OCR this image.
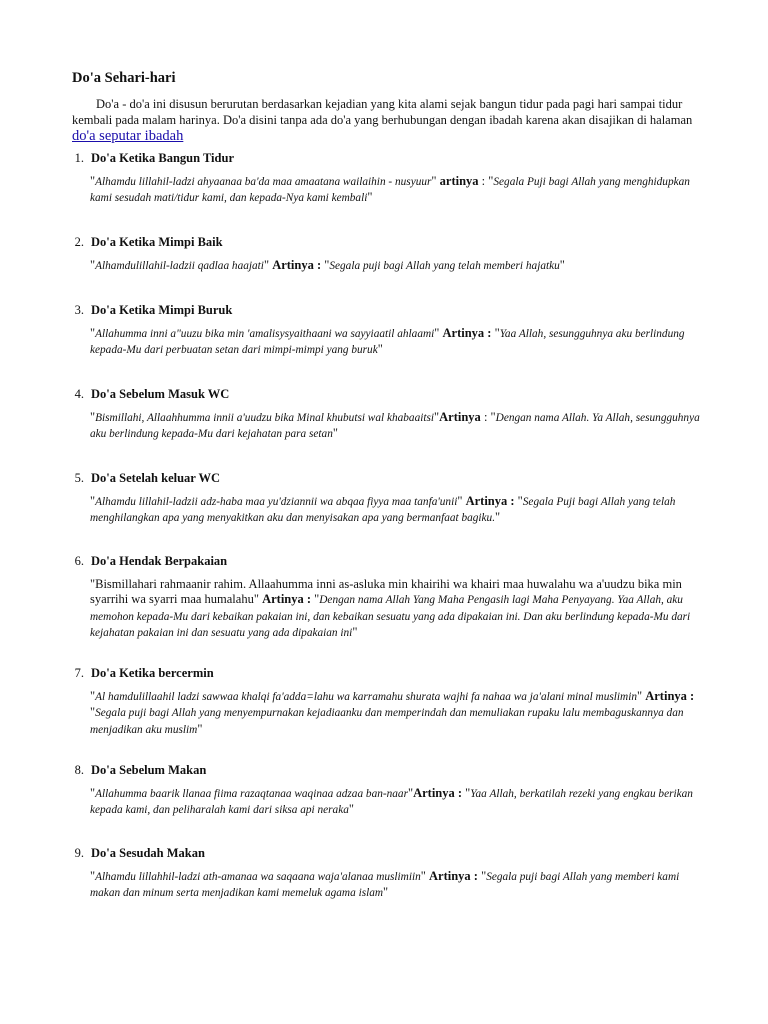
Do'a Sehari-hari
Do'a - do'a ini disusun berurutan berdasarkan kejadian yang kita alami sejak bangun tidur pada pagi hari sampai tidur kembali pada malam harinya. Do'a disini tanpa ada do'a yang berhubungan dengan ibadah karena akan disajikan di halaman
do'a seputar ibadah
1. Do'a Ketika Bangun Tidur
"Alhamdu lillahil-ladzi ahyaanaa ba'da maa amaatana wailaihin - nusyuur" artinya : "Segala Puji bagi Allah yang menghidupkan kami sesudah mati/tidur kami, dan kepada-Nya kami kembali"
2. Do'a Ketika Mimpi Baik
"Alhamdulillahil-ladzii qadlaa haajati" Artinya : "Segala puji bagi Allah yang telah memberi hajatku"
3. Do'a Ketika Mimpi Buruk
"Allahumma inni a"uuzu bika min 'amalisysyaithaani wa sayyiaatil ahlaami" Artinya : "Yaa Allah, sesungguhnya aku berlindung kepada-Mu dari perbuatan setan dari mimpi-mimpi yang buruk"
4. Do'a Sebelum Masuk WC
"Bismillahi, Allaahhumma innii a'uudzu bika Minal khubutsi wal khabaaitsi"Artinya : "Dengan nama Allah. Ya Allah, sesungguhnya aku berlindung kepada-Mu dari kejahatan para setan"
5. Do'a Setelah keluar WC
"Alhamdu lillahil-ladzii adz-haba maa yu'dziannii wa abqaa fiyya maa tanfa'unii" Artinya : "Segala Puji bagi Allah yang telah menghilangkan apa yang menyakitkan aku dan menyisakan apa yang bermanfaat bagiku."
6. Do'a Hendak Berpakaian
"Bismillahari rahmaanir rahim. Allaahumma inni as-asluka min khairihi wa khairi maa huwalahu wa a'uudzu bika min syarrihi wa syarri maa humalahu" Artinya : "Dengan nama Allah Yang Maha Pengasih lagi Maha Penyayang. Yaa Allah, aku memohon kepada-Mu dari kebaikan pakaian ini, dan kebaikan sesuatu yang ada dipakaian ini. Dan aku berlindung kepada-Mu dari kejahatan pakaian ini dan sesuatu yang ada dipakaian ini"
7. Do'a Ketika bercermin
"Al hamdulillaahil ladzi sawwaa khalqi fa'adda=lahu wa karramahu shurata wajhi fa nahaa wa ja'alani minal muslimin" Artinya : "Segala puji bagi Allah yang menyempurnakan kejadiaanku dan memperindah dan memuliakan rupaku lalu membaguskannya dan menjadikan aku muslim"
8. Do'a Sebelum Makan
"Allahumma baarik llanaa fiima razaqtanaa waqinaa adzaa ban-naar"Artinya : "Yaa Allah, berkatilah rezeki yang engkau berikan kepada kami, dan peliharalah kami dari siksa api neraka"
9. Do'a Sesudah Makan
"Alhamdu lillahhil-ladzi ath-amanaa wa saqaana waja'alanaa muslimiin" Artinya : "Segala puji bagi Allah yang memberi kami makan dan minum serta menjadikan kami memeluk agama islam"
